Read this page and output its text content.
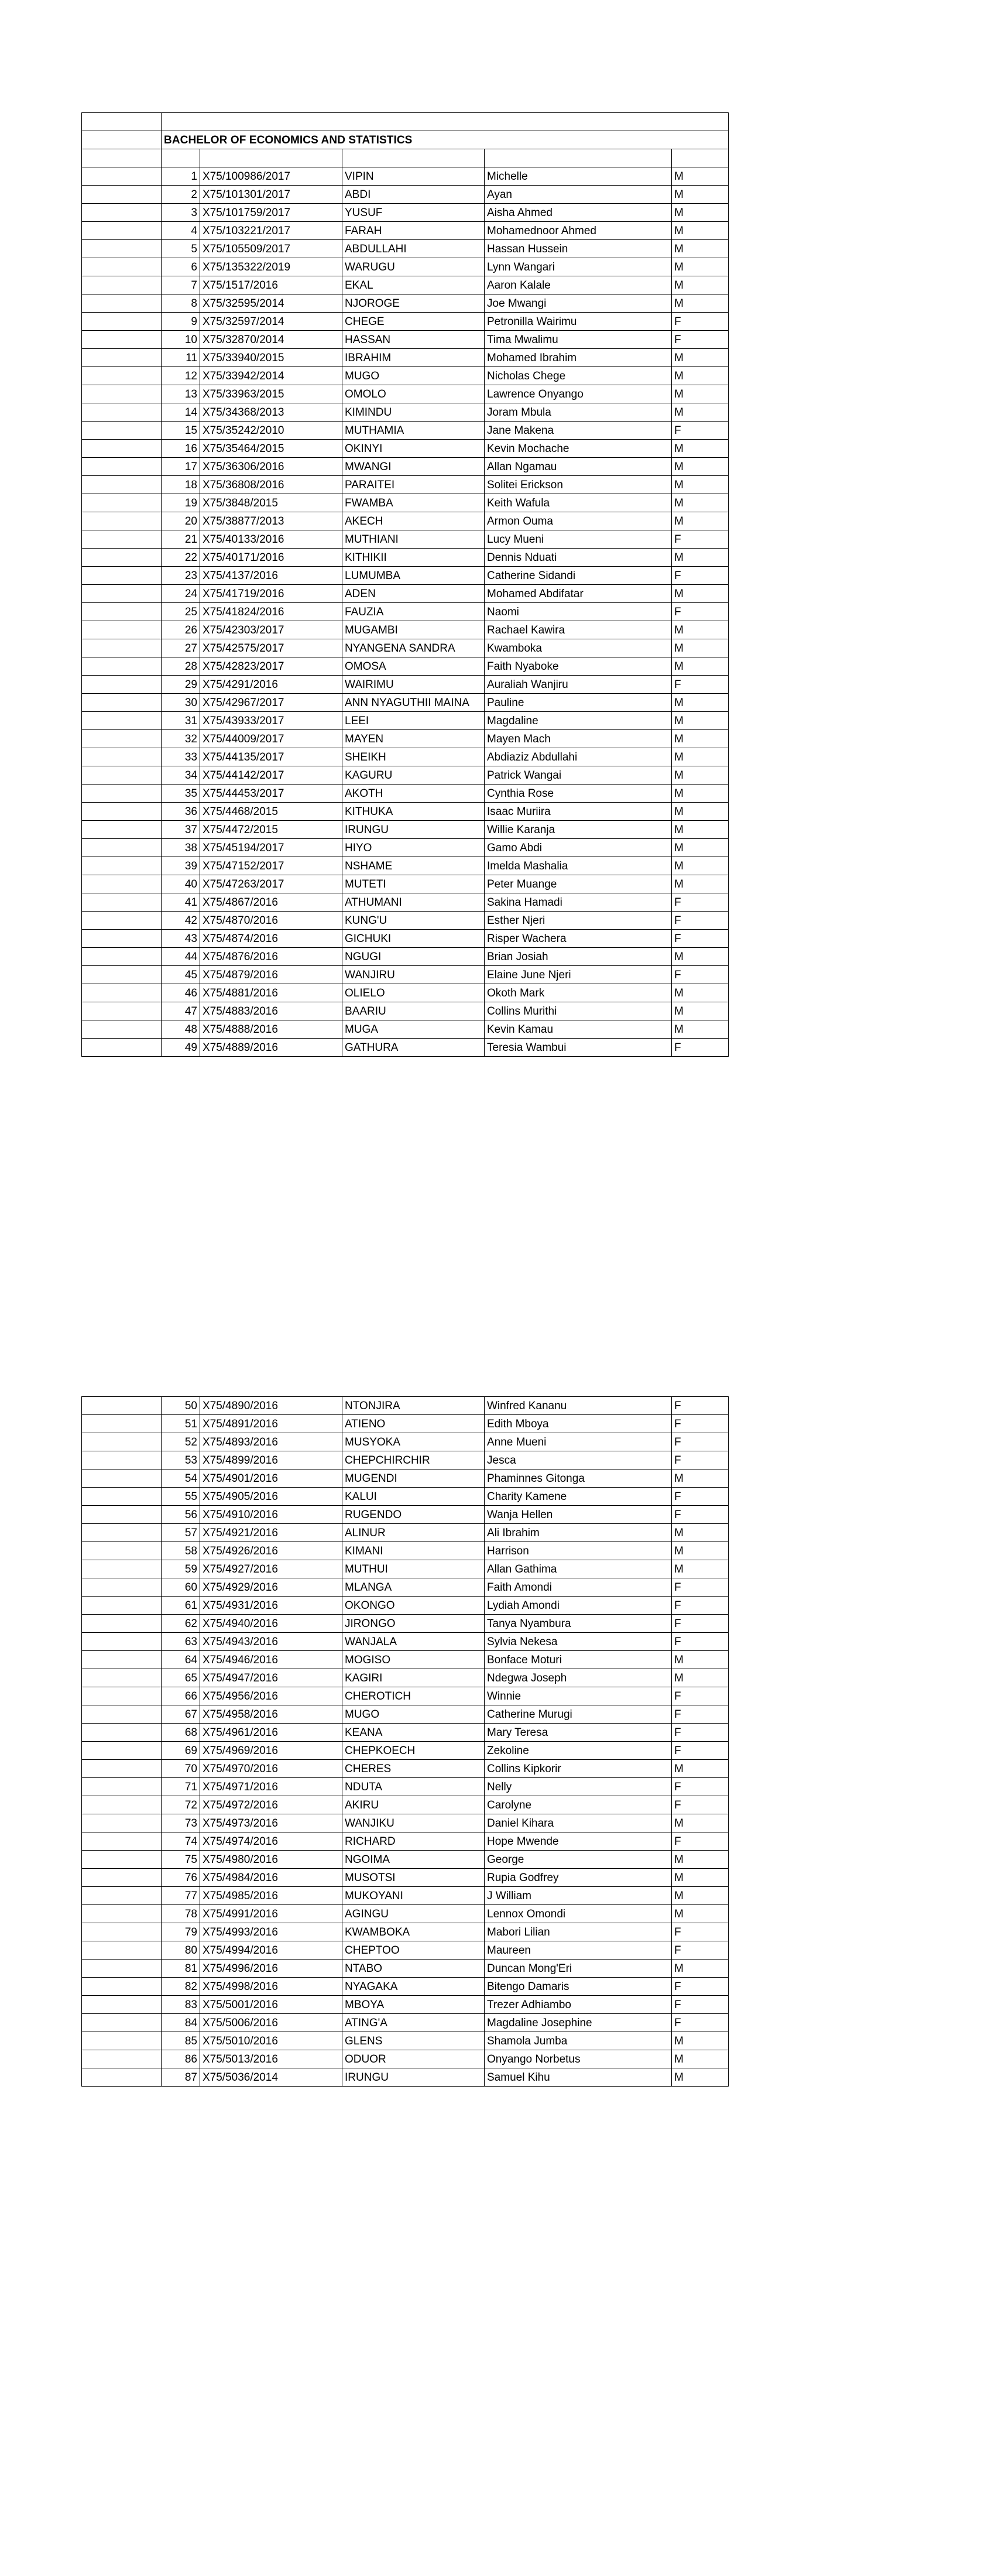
	BACHELOR OF ECONOMICS AND STATISTICS				

	1	X75/100986/2017	VIPIN	Michelle	M
	2	X75/101301/2017	ABDI	Ayan	M
	3	X75/101759/2017	YUSUF	Aisha Ahmed	M
	4	X75/103221/2017	FARAH	Mohamednoor Ahmed	M
	5	X75/105509/2017	ABDULLAHI	Hassan Hussein	M
	6	X75/135322/2019	WARUGU	Lynn Wangari	M
	7	X75/1517/2016	EKAL	Aaron Kalale	M
	8	X75/32595/2014	NJOROGE	Joe Mwangi	M
	9	X75/32597/2014	CHEGE	Petronilla Wairimu	F
	10	X75/32870/2014	HASSAN	Tima Mwalimu	F
	11	X75/33940/2015	IBRAHIM	Mohamed Ibrahim	M
	12	X75/33942/2014	MUGO	Nicholas Chege	M
	13	X75/33963/2015	OMOLO	Lawrence Onyango	M
	14	X75/34368/2013	KIMINDU	Joram Mbula	M
	15	X75/35242/2010	MUTHAMIA	Jane Makena	F
	16	X75/35464/2015	OKINYI	Kevin Mochache	M
	17	X75/36306/2016	MWANGI	Allan Ngamau	M
	18	X75/36808/2016	PARAITEI	Solitei Erickson	M
	19	X75/3848/2015	FWAMBA	Keith Wafula	M
	20	X75/38877/2013	AKECH	Armon Ouma	M
	21	X75/40133/2016	MUTHIANI	Lucy Mueni	F
	22	X75/40171/2016	KITHIKII	Dennis Nduati	M
	23	X75/4137/2016	LUMUMBA	Catherine Sidandi	F
	24	X75/41719/2016	ADEN	Mohamed Abdifatar	M
	25	X75/41824/2016	FAUZIA	Naomi	F
	26	X75/42303/2017	MUGAMBI	Rachael Kawira	M
	27	X75/42575/2017	NYANGENA SANDRA	Kwamboka	M
	28	X75/42823/2017	OMOSA	Faith Nyaboke	M
	29	X75/4291/2016	WAIRIMU	Auraliah Wanjiru	F
	30	X75/42967/2017	ANN NYAGUTHII MAINA	Pauline	M
	31	X75/43933/2017	LEEI	Magdaline	M
	32	X75/44009/2017	MAYEN	Mayen Mach	M
	33	X75/44135/2017	SHEIKH	Abdiaziz Abdullahi	M
	34	X75/44142/2017	KAGURU	Patrick Wangai	M
	35	X75/44453/2017	AKOTH	Cynthia Rose	M
	36	X75/4468/2015	KITHUKA	Isaac Muriira	M
	37	X75/4472/2015	IRUNGU	Willie Karanja	M
	38	X75/45194/2017	HIYO	Gamo Abdi	M
	39	X75/47152/2017	NSHAME	Imelda Mashalia	M
	40	X75/47263/2017	MUTETI	Peter Muange	M
	41	X75/4867/2016	ATHUMANI	Sakina Hamadi	F
	42	X75/4870/2016	KUNG'U	Esther Njeri	F
	43	X75/4874/2016	GICHUKI	Risper Wachera	F
	44	X75/4876/2016	NGUGI	Brian Josiah	M
	45	X75/4879/2016	WANJIRU	Elaine June Njeri	F
	46	X75/4881/2016	OLIELO	Okoth Mark	M
	47	X75/4883/2016	BAARIU	Collins Murithi	M
	48	X75/4888/2016	MUGA	Kevin Kamau	M
	49	X75/4889/2016	GATHURA	Teresia Wambui	F
	50	X75/4890/2016	NTONJIRA	Winfred Kananu	F
	51	X75/4891/2016	ATIENO	Edith Mboya	F
	52	X75/4893/2016	MUSYOKA	Anne Mueni	F
	53	X75/4899/2016	CHEPCHIRCHIR	Jesca	F
	54	X75/4901/2016	MUGENDI	Phaminnes Gitonga	M
	55	X75/4905/2016	KALUI	Charity Kamene	F
	56	X75/4910/2016	RUGENDO	Wanja Hellen	F
	57	X75/4921/2016	ALINUR	Ali Ibrahim	M
	58	X75/4926/2016	KIMANI	Harrison	M
	59	X75/4927/2016	MUTHUI	Allan Gathima	M
	60	X75/4929/2016	MLANGA	Faith Amondi	F
	61	X75/4931/2016	OKONGO	Lydiah Amondi	F
	62	X75/4940/2016	JIRONGO	Tanya Nyambura	F
	63	X75/4943/2016	WANJALA	Sylvia Nekesa	F
	64	X75/4946/2016	MOGISO	Bonface Moturi	M
	65	X75/4947/2016	KAGIRI	Ndegwa Joseph	M
	66	X75/4956/2016	CHEROTICH	Winnie	F
	67	X75/4958/2016	MUGO	Catherine Murugi	F
	68	X75/4961/2016	KEANA	Mary Teresa	F
	69	X75/4969/2016	CHEPKOECH	Zekoline	F
	70	X75/4970/2016	CHERES	Collins Kipkorir	M
	71	X75/4971/2016	NDUTA	Nelly	F
	72	X75/4972/2016	AKIRU	Carolyne	F
	73	X75/4973/2016	WANJIKU	Daniel Kihara	M
	74	X75/4974/2016	RICHARD	Hope Mwende	F
	75	X75/4980/2016	NGOIMA	George	M
	76	X75/4984/2016	MUSOTSI	Rupia Godfrey	M
	77	X75/4985/2016	MUKOYANI	J William	M
	78	X75/4991/2016	AGINGU	Lennox Omondi	M
	79	X75/4993/2016	KWAMBOKA	Mabori Lilian	F
	80	X75/4994/2016	CHEPTOO	Maureen	F
	81	X75/4996/2016	NTABO	Duncan Mong'Eri	M
	82	X75/4998/2016	NYAGAKA	Bitengo Damaris	F
	83	X75/5001/2016	MBOYA	Trezer Adhiambo	F
	84	X75/5006/2016	ATING'A	Magdaline Josephine	F
	85	X75/5010/2016	GLENS	Shamola Jumba	M
	86	X75/5013/2016	ODUOR	Onyango Norbetus	M
	87	X75/5036/2014	IRUNGU	Samuel Kihu	M
